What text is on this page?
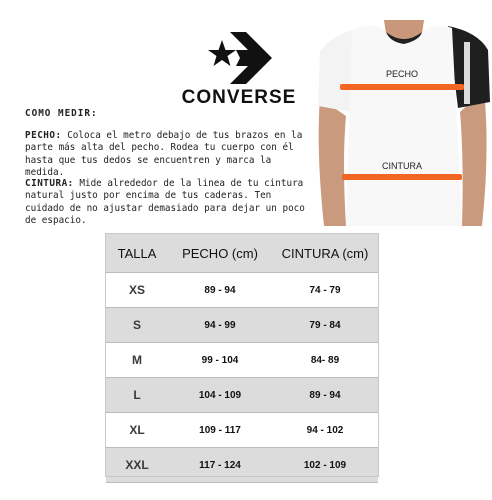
CONVERSE
PECHO
CINTURA
COMO MEDIR:
PECHO: Coloca el metro debajo de tus brazos en la parte más alta del pecho. Rodea tu cuerpo con él hasta que tus dedos se encuentren y marca la medida.
CINTURA: Mide alrededor de la linea de tu cintura natural justo por encima de tus caderas. Ten cuidado de no ajustar demasiado para dejar un poco de espacio.
TALLA	PECHO (cm)	CINTURA (cm)
XS	89 - 94	74 - 79
S	94 - 99	79 - 84
M	99 - 104	84- 89
L	104 - 109	89 - 94
XL	109 - 117	94 - 102
XXL	117 - 124	102 - 109
